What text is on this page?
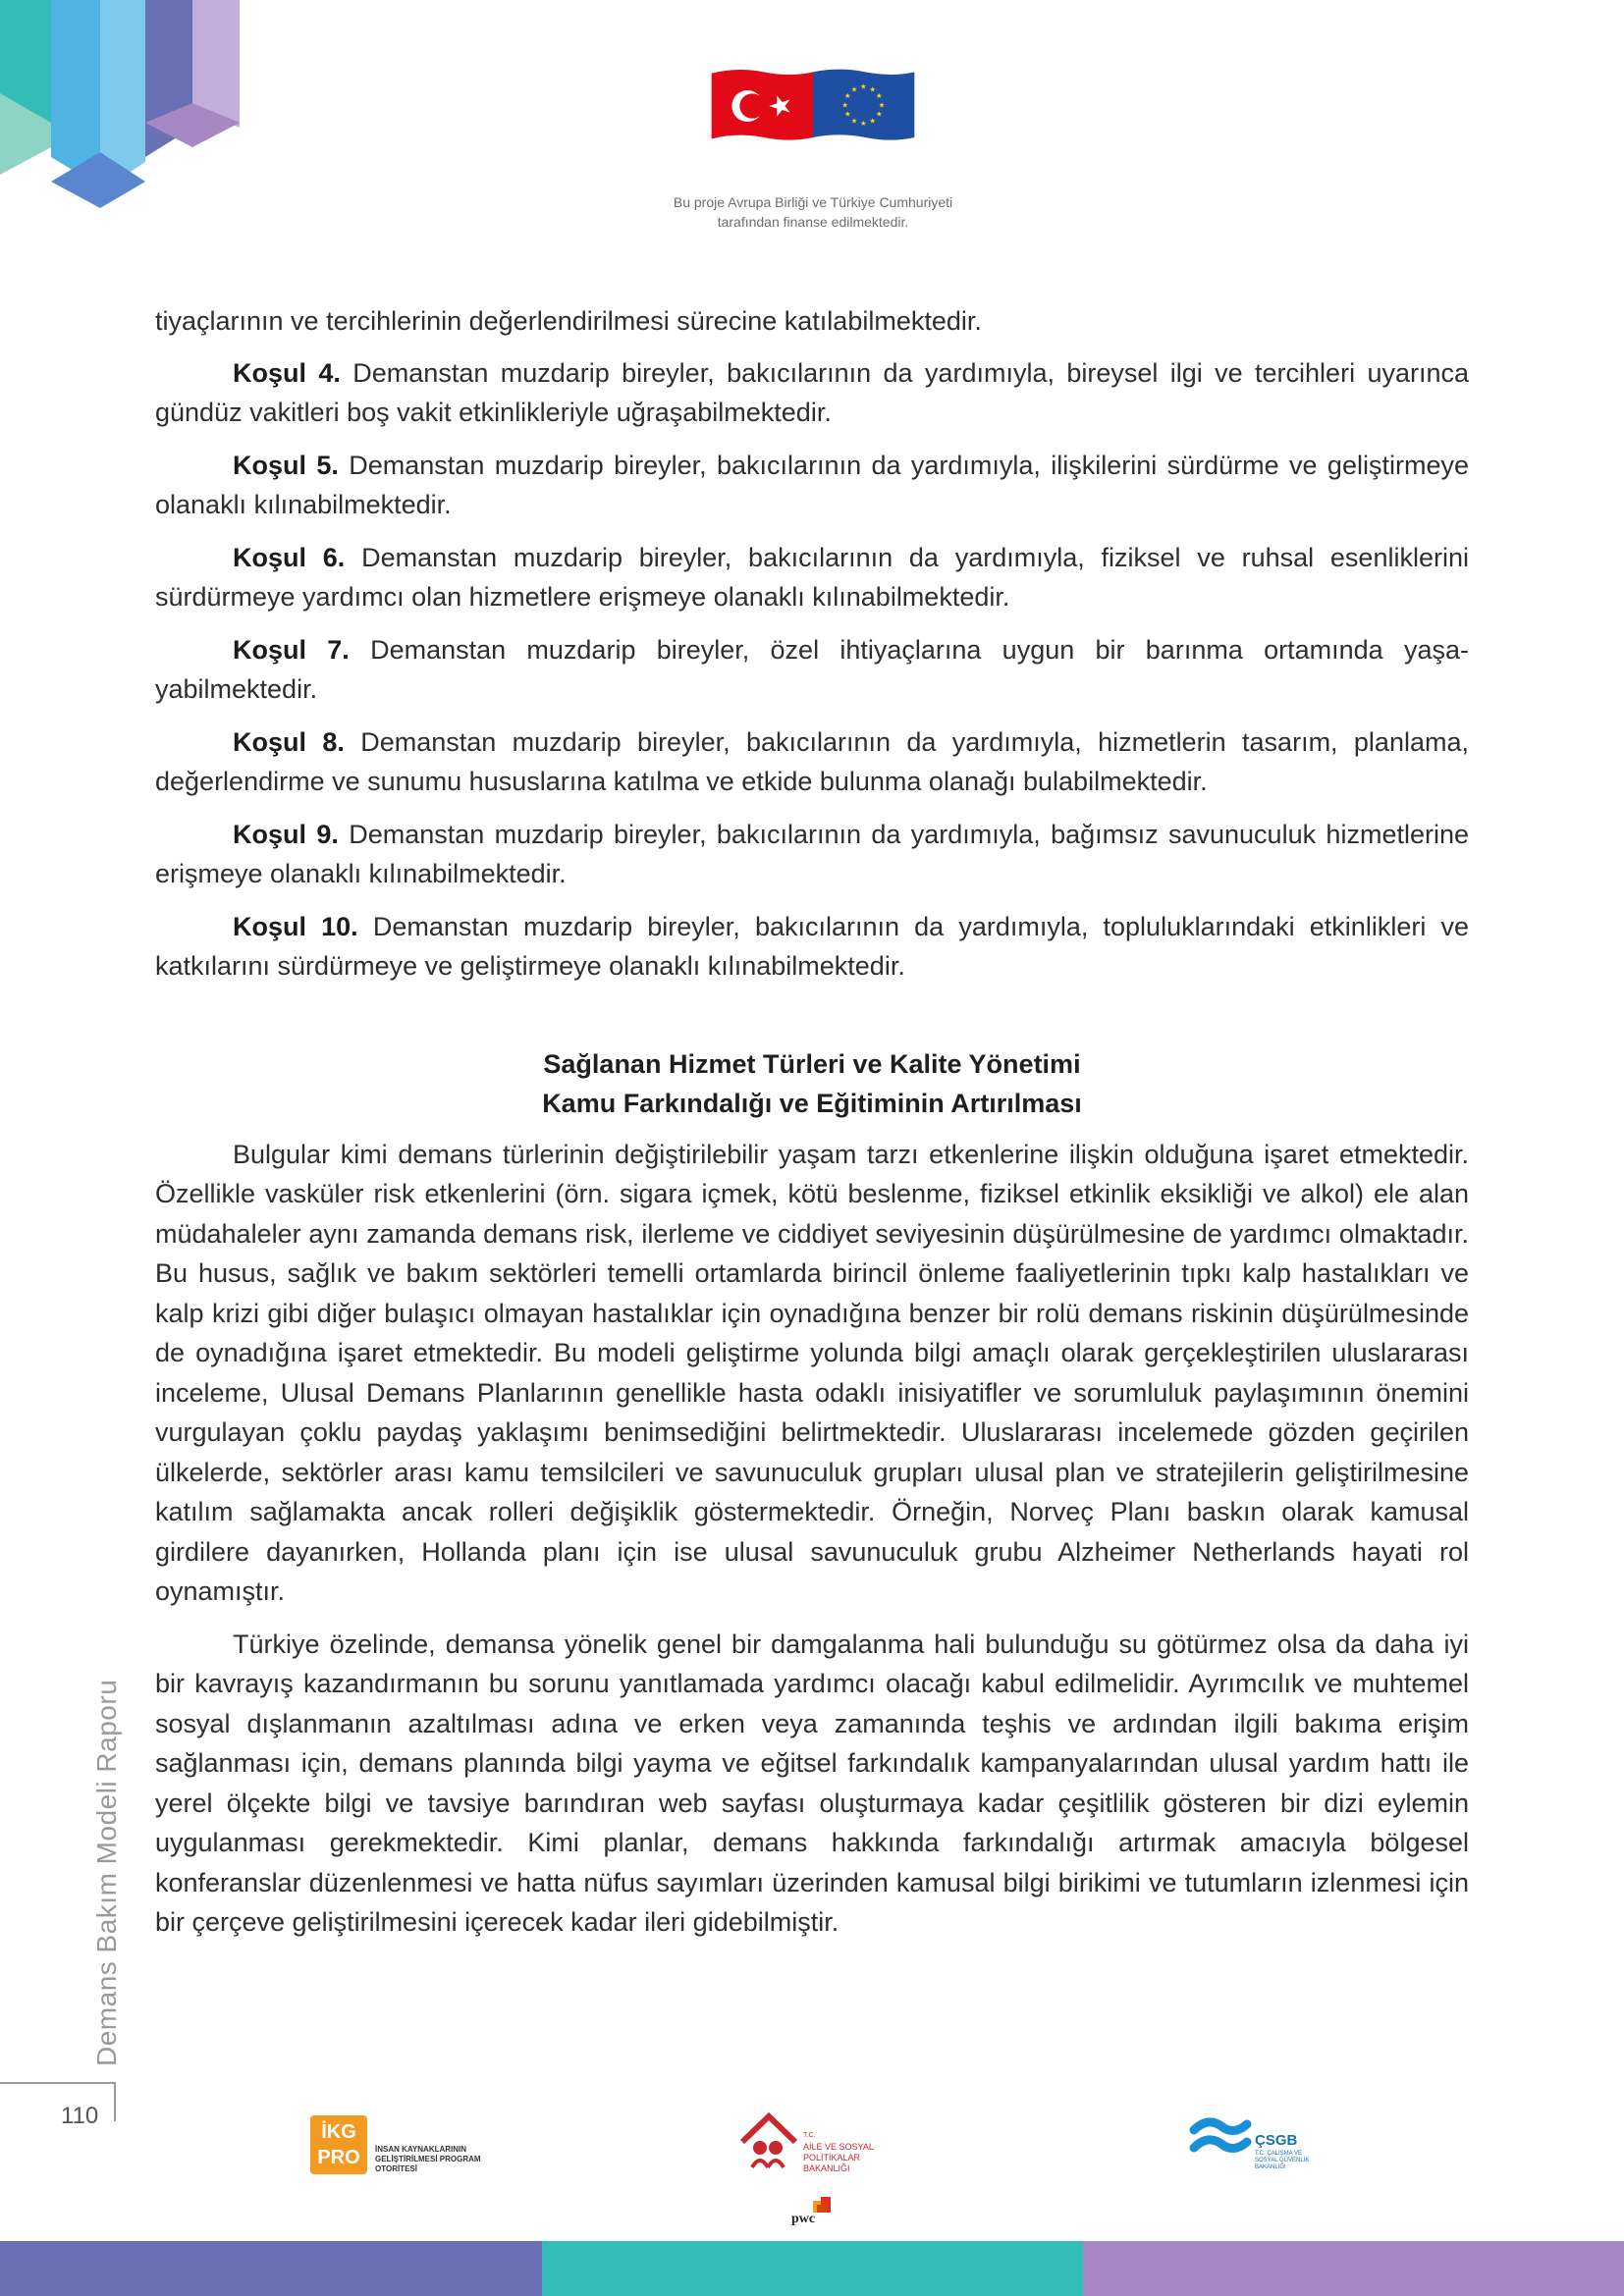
★ ★
★
★
★
★
★
★
★
★
★
★
Bu proje Avrupa Birliği ve Türkiye Cumhuriyeti
tarafından finanse edilmektedir.

tiyaçlarının ve tercihlerinin değerlendirilmesi sürecine katılabilmektedir.

Koşul 4. Demanstan muzdarip bireyler, bakıcılarının da yardımıyla, bireysel ilgi ve tercihleri uyarınca gündüz vakitleri boş vakit etkinlikleriyle uğraşabilmektedir.

Koşul 5. Demanstan muzdarip bireyler, bakıcılarının da yardımıyla, ilişkilerini sürdürme ve geliştirmeye olanaklı kılınabilmektedir.

Koşul 6. Demanstan muzdarip bireyler, bakıcılarının da yardımıyla, fiziksel ve ruhsal esenliklerini sürdürmeye yardımcı olan hizmetlere erişmeye olanaklı kılınabilmektedir.

Koşul 7. Demanstan muzdarip bireyler, özel ihtiyaçlarına uygun bir barınma ortamında yaşayabilmektedir.

Koşul 8. Demanstan muzdarip bireyler, bakıcılarının da yardımıyla, hizmetlerin tasarım, planlama, değerlendirme ve sunumu hususlarına katılma ve etkide bulunma olanağı bulabilmektedir.

Koşul 9. Demanstan muzdarip bireyler, bakıcılarının da yardımıyla, bağımsız savunuculuk hizmetlerine erişmeye olanaklı kılınabilmektedir.

Koşul 10. Demanstan muzdarip bireyler, bakıcılarının da yardımıyla, topluluklarındaki etkinlikleri ve katkılarını sürdürmeye ve geliştirmeye olanaklı kılınabilmektedir.

Sağlanan Hizmet Türleri ve Kalite Yönetimi
Kamu Farkındalığı ve Eğitiminin Artırılması

Bulgular kimi demans türlerinin değiştirilebilir yaşam tarzı etkenlerine ilişkin olduğuna işaret etmektedir. Özellikle vasküler risk etkenlerini (örn. sigara içmek, kötü beslenme, fiziksel etkinlik eksikliği ve alkol) ele alan müdahaleler aynı zamanda demans risk, ilerleme ve ciddiyet seviyesinin düşürülmesine de yardımcı olmaktadır. Bu husus, sağlık ve bakım sektörleri temelli ortamlarda birincil önleme faaliyetlerinin tıpkı kalp hastalıkları ve kalp krizi gibi diğer bulaşıcı olmayan hastalıklar için oynadığına benzer bir rolü demans riskinin düşürülmesinde de oynadığına işaret etmektedir. Bu modeli geliştirme yolunda bilgi amaçlı olarak gerçekleştirilen uluslararası inceleme, Ulusal Demans Planlarının genellikle hasta odaklı inisiyatifler ve sorumluluk paylaşımının önemini vurgulayan çoklu paydaş yaklaşımı benimsediğini belirtmektedir. Uluslararası incelemede gözden geçirilen ülkelerde, sektörler arası kamu temsilcileri ve savunuculuk grupları ulusal plan ve stratejilerin geliştirilmesine katılım sağlamakta ancak rolleri değişiklik göstermektedir. Örneğin, Norveç Planı baskın olarak kamusal girdilere dayanırken, Hollanda planı için ise ulusal savunuculuk grubu Alzheimer Netherlands hayati rol oynamıştır.

Türkiye özelinde, demansa yönelik genel bir damgalanma hali bulunduğu su götürmez olsa da daha iyi bir kavrayış kazandırmanın bu sorunu yanıtlamada yardımcı olacağı kabul edilmelidir. Ayrımcılık ve muhtemel sosyal dışlanmanın azaltılması adına ve erken veya zamanında teşhis ve ardından ilgili bakıma erişim sağlanması için, demans planında bilgi yayma ve eğitsel farkındalık kampanyalarından ulusal yardım hattı ile yerel ölçekte bilgi ve tavsiye barındıran web sayfası oluşturmaya kadar çeşitlilik gösteren bir dizi eylemin uygulanması gerekmektedir. Kimi planlar, demans hakkında farkındalığı artırmak amacıyla bölgesel konferanslar düzenlenmesi ve hatta nüfus sayımları üzerinden kamusal bilgi birikimi ve tutumların izlenmesi için bir çerçeve geliştirilmesini içerecek kadar ileri gidebilmiştir.

Demans Bakım Modeli Raporu
110
İKG
PRO	İNSAN KAYNAKLARININ GELİŞTİRİLMESİ PROGRAM OTORİTESİ
T.C.
AİLE VE SOSYAL POLİTİKALAR BAKANLIĞI
pwc
ÇSGB
T.C. ÇALIŞMA VE SOSYAL GÜVENLİK BAKANLIĞI
